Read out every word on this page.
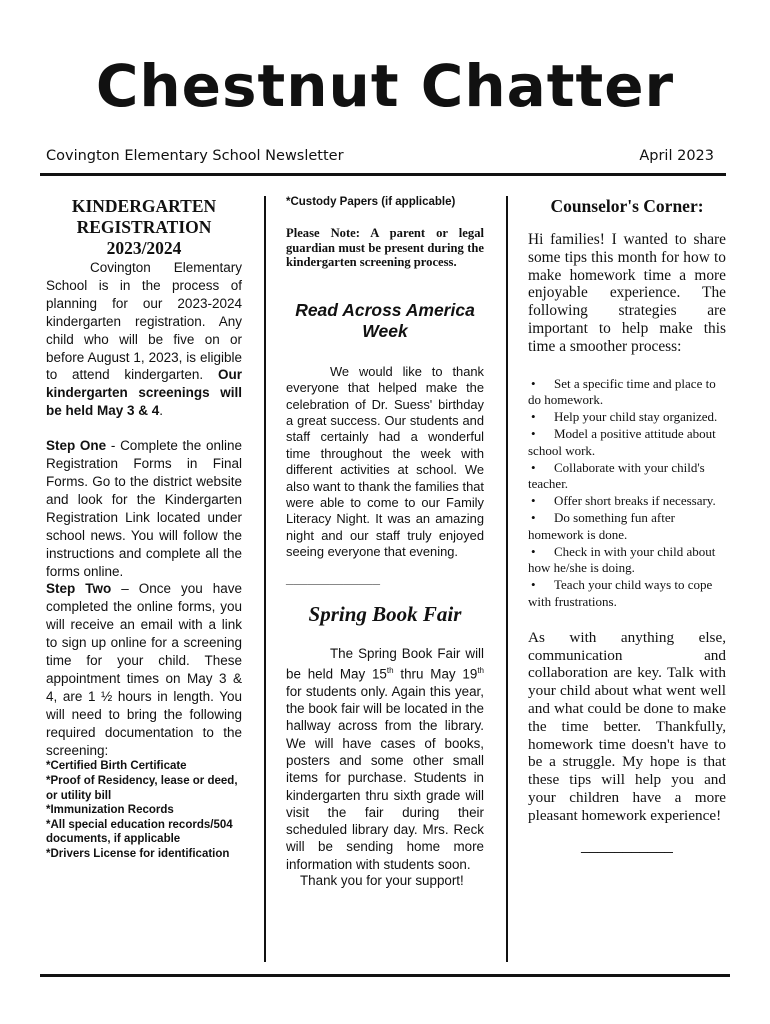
Chestnut Chatter
Covington Elementary School Newsletter	April 2023
KINDERGARTEN REGISTRATION 2023/2024

Covington Elementary School is in the process of planning for our 2023-2024 kindergarten registration. Any child who will be five on or before August 1, 2023, is eligible to attend kindergarten. Our kindergarten screenings will be held May 3 & 4.

Step One - Complete the online Registration Forms in Final Forms. Go to the district website and look for the Kindergarten Registration Link located under school news. You will follow the instructions and complete all the forms online.

Step Two – Once you have completed the online forms, you will receive an email with a link to sign up online for a screening time for your child. These appointment times on May 3 & 4, are 1 ½ hours in length. You will need to bring the following required documentation to the screening:

*Certified Birth Certificate

*Proof of Residency, lease or deed, or utility bill

*Immunization Records

*All special education records/504 documents, if applicable

*Drivers License for identification

*Custody Papers (if applicable)

Please Note: A parent or legal guardian must be present during the kindergarten screening process.

Read Across America Week

We would like to thank everyone that helped make the celebration of Dr. Suess' birthday a great success. Our students and staff certainly had a wonderful time throughout the week with different activities at school. We also want to thank the families that were able to come to our Family Literacy Night. It was an amazing night and our staff truly enjoyed seeing everyone that evening.

_____________

Spring Book Fair

The Spring Book Fair will be held May 15th thru May 19th for students only. Again this year, the book fair will be located in the hallway across from the library. We will have cases of books, posters and some other small items for purchase. Students in kindergarten thru sixth grade will visit the fair during their scheduled library day. Mrs. Reck will be sending home more information with students soon.

Thank you for your support!

Counselor's Corner:

Hi families! I wanted to share some tips this month for how to make homework time a more enjoyable experience. The following strategies are important to help make this time a smoother process:

• Set a specific time and place to do homework.
• Help your child stay organized.
• Model a positive attitude about school work.
• Collaborate with your child's teacher.
• Offer short breaks if necessary.
• Do something fun after homework is done.
• Check in with your child about how he/she is doing.
• Teach your child ways to cope with frustrations.

As with anything else, communication and collaboration are key. Talk with your child about what went well and what could be done to make the time better. Thankfully, homework time doesn't have to be a struggle. My hope is that these tips will help you and your children have a more pleasant homework experience!

___________
